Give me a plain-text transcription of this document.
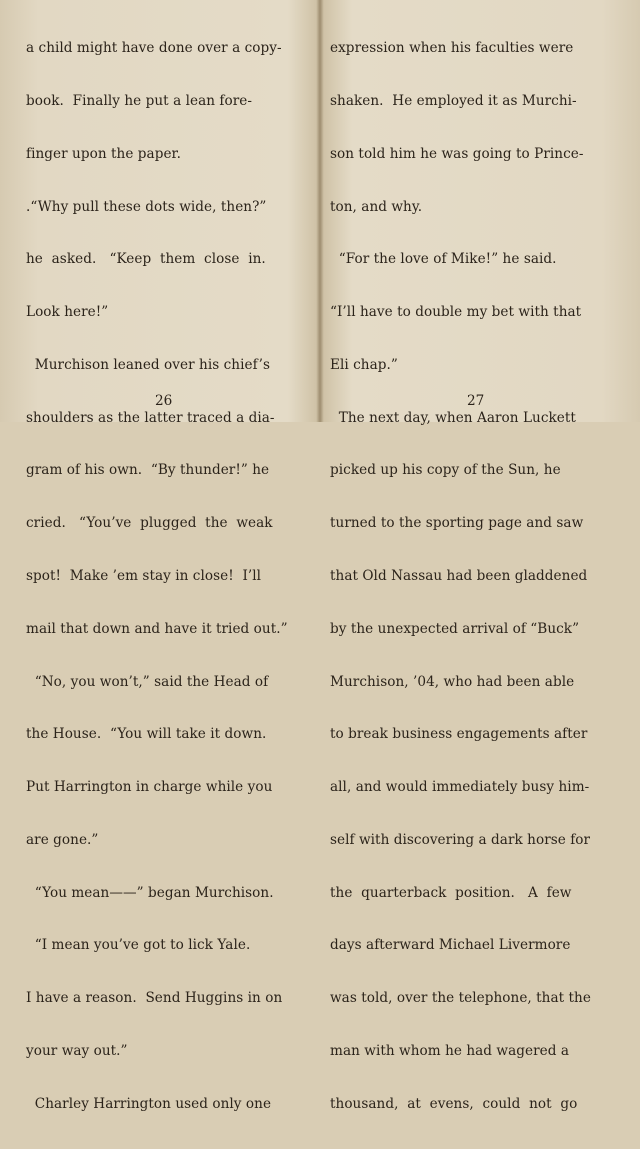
a child might have done over a copy-

book.  Finally he put a lean fore-

finger upon the paper.

.“Why pull these dots wide, then?”

he  asked.   “Keep  them  close  in.

Look here!”

Murchison leaned over his chief’s

shoulders as the latter traced a dia-

gram of his own.  “By thunder!” he

cried.   “You’ve  plugged  the  weak

spot!  Make ’em stay in close!  I’ll

mail that down and have it tried out.”

“No, you won’t,” said the Head of

the House.  “You will take it down.

Put Harrington in charge while you

are gone.”

“You mean——” began Murchison.

“I mean you’ve got to lick Yale.

I have a reason.  Send Huggins in on

your way out.”

Charley Harrington used only one

26

expression when his faculties were

shaken.  He employed it as Murchi-

son told him he was going to Prince-

ton, and why.

“For the love of Mike!” he said.

“I’ll have to double my bet with that

Eli chap.”

The next day, when Aaron Luckett

picked up his copy of the Sun, he

turned to the sporting page and saw

that Old Nassau had been gladdened

by the unexpected arrival of “Buck”

Murchison, ’04, who had been able

to break business engagements after

all, and would immediately busy him-

self with discovering a dark horse for

the  quarterback  position.   A  few

days afterward Michael Livermore

was told, over the telephone, that the

man with whom he had wagered a

thousand,  at  evens,  could  not  go

27
